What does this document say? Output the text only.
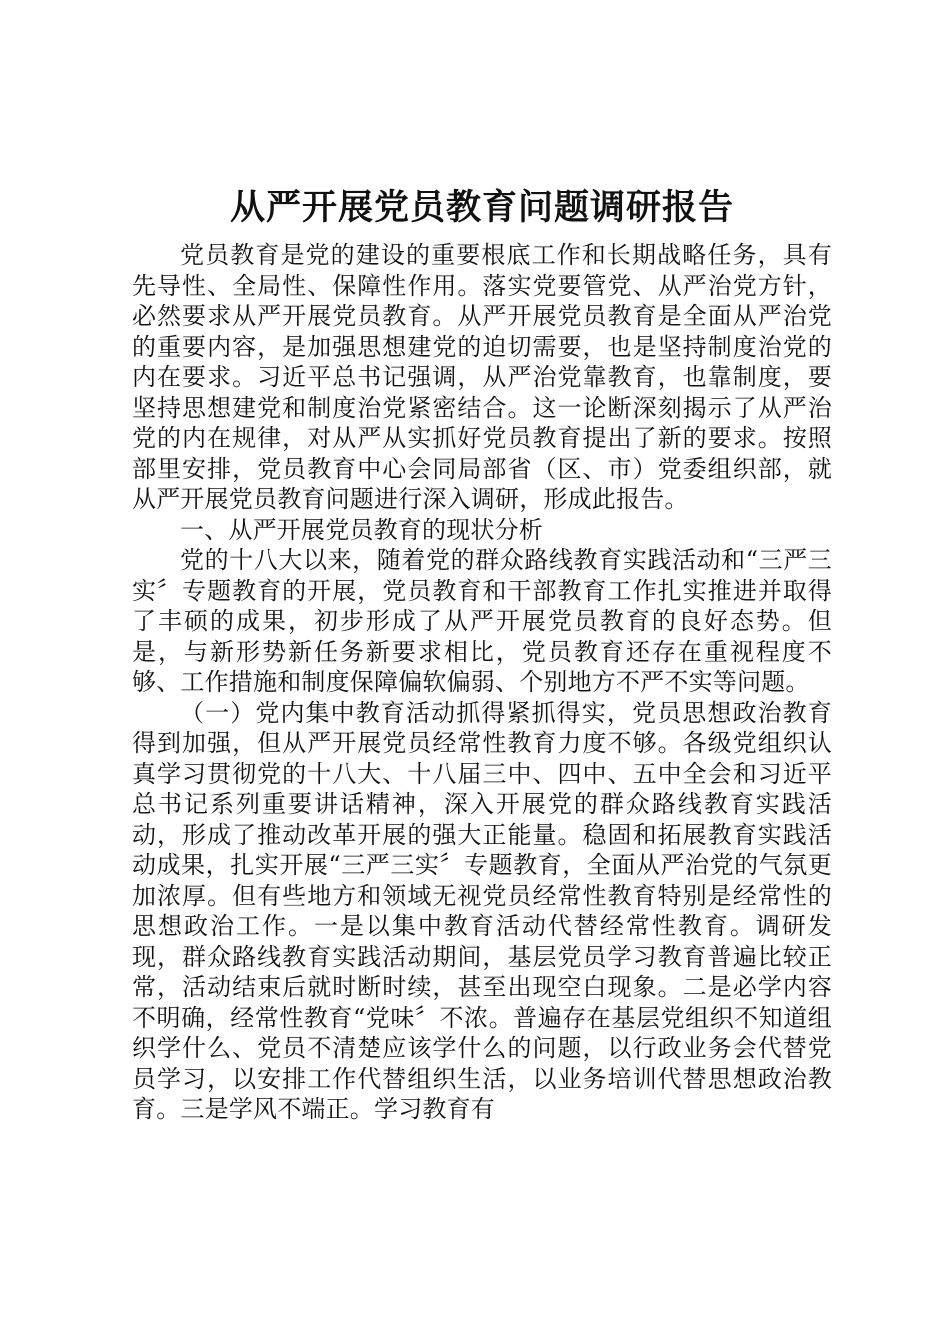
从严开展党员教育问题调研报告

党员教育是党的建设的重要根底工作和长期战略任务，具有先导性、全局性、保障性作用。落实党要管党、从严治党方针，必然要求从严开展党员教育。从严开展党员教育是全面从严治党的重要内容，是加强思想建党的迫切需要，也是坚持制度治党的内在要求。习近平总书记强调，从严治党靠教育，也靠制度，要坚持思想建党和制度治党紧密结合。这一论断深刻揭示了从严治党的内在规律，对从严从实抓好党员教育提出了新的要求。按照部里安排，党员教育中心会同局部省（区、市）党委组织部，就从严开展党员教育问题进行深入调研，形成此报告。

一、从严开展党员教育的现状分析

党的十八大以来，随着党的群众路线教育实践活动和“三严三实〞专题教育的开展，党员教育和干部教育工作扎实推进并取得了丰硕的成果，初步形成了从严开展党员教育的良好态势。但是，与新形势新任务新要求相比，党员教育还存在重视程度不够、工作措施和制度保障偏软偏弱、个别地方不严不实等问题。

（一）党内集中教育活动抓得紧抓得实，党员思想政治教育得到加强，但从严开展党员经常性教育力度不够。各级党组织认真学习贯彻党的十八大、十八届三中、四中、五中全会和习近平总书记系列重要讲话精神，深入开展党的群众路线教育实践活动，形成了推动改革开展的强大正能量。稳固和拓展教育实践活动成果，扎实开展“三严三实〞专题教育，全面从严治党的气氛更加浓厚。但有些地方和领域无视党员经常性教育特别是经常性的思想政治工作。一是以集中教育活动代替经常性教育。调研发现，群众路线教育实践活动期间，基层党员学习教育普遍比较正常，活动结束后就时断时续，甚至出现空白现象。二是必学内容不明确，经常性教育“党味〞不浓。普遍存在基层党组织不知道组织学什么、党员不清楚应该学什么的问题，以行政业务会代替党员学习，以安排工作代替组织生活，以业务培训代替思想政治教育。三是学风不端正。学习教育有
